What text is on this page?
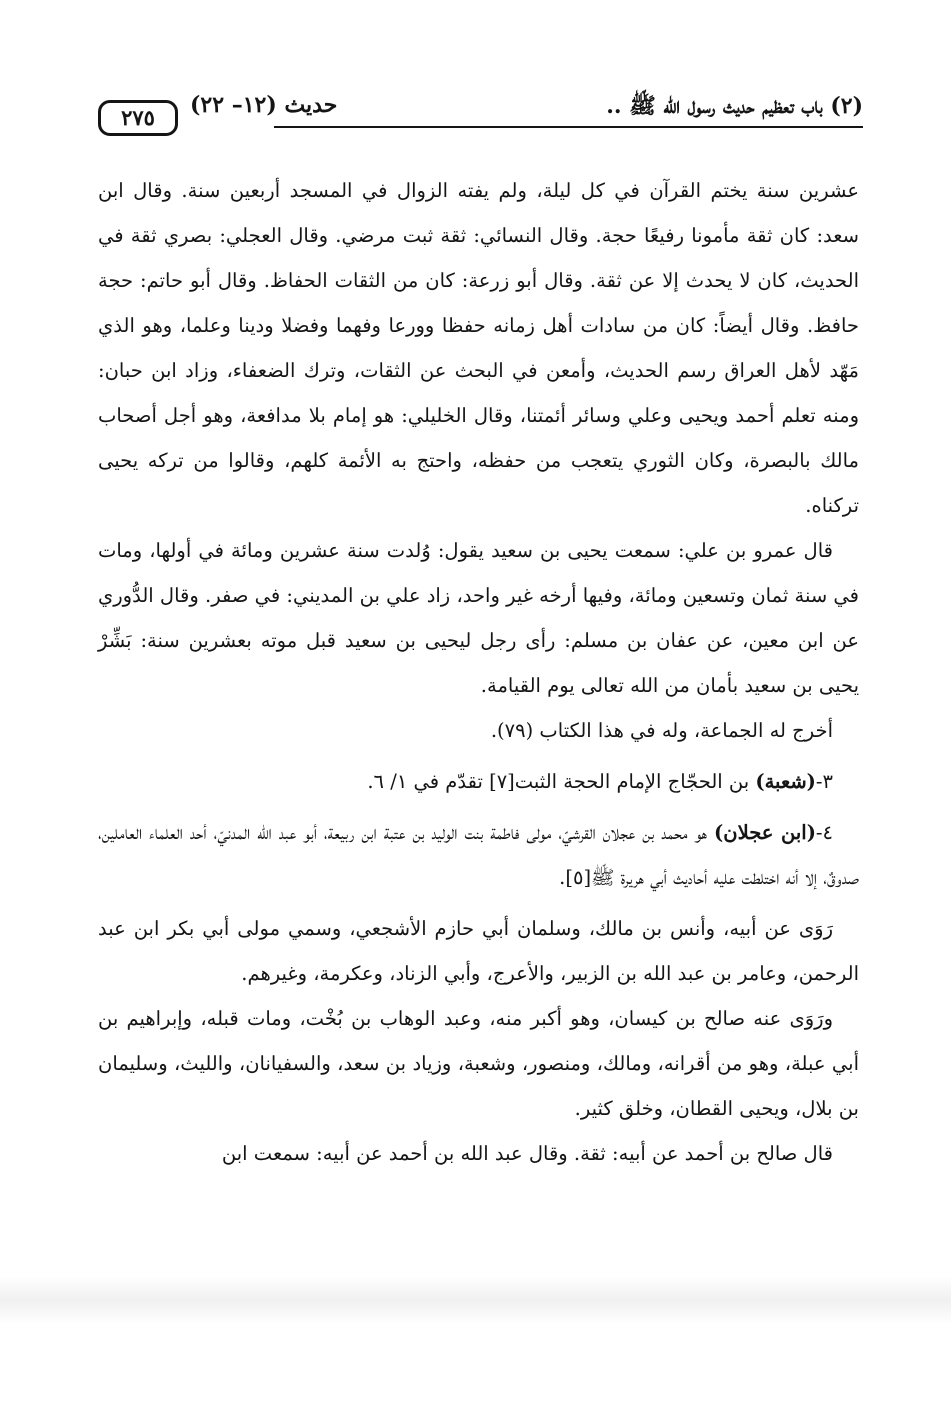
(٢) باب تعظيم حديث رسول الله ﷺ ..
حديث (١٢– ٢٢)
٢٧٥

عشرين سنة يختم القرآن في كل ليلة، ولم يفته الزوال في المسجد أربعين سنة. وقال ابن سعد: كان ثقة مأمونا رفيعًا حجة. وقال النسائي: ثقة ثبت مرضي. وقال العجلي: بصري ثقة في الحديث، كان لا يحدث إلا عن ثقة. وقال أبو زرعة: كان من الثقات الحفاظ. وقال أبو حاتم: حجة حافظ. وقال أيضاً: كان من سادات أهل زمانه حفظا وورعا وفهما وفضلا ودينا وعلما، وهو الذي مَهّد لأهل العراق رسم الحديث، وأمعن في البحث عن الثقات، وترك الضعفاء، وزاد ابن حبان: ومنه تعلم أحمد ويحيى وعلي وسائر أئمتنا، وقال الخليلي: هو إمام بلا مدافعة، وهو أجل أصحاب مالك بالبصرة، وكان الثوري يتعجب من حفظه، واحتج به الأئمة كلهم، وقالوا من تركه يحيى تركناه.

قال عمرو بن علي: سمعت يحيى بن سعيد يقول: وُلدت سنة عشرين ومائة في أولها، ومات في سنة ثمان وتسعين ومائة، وفيها أرخه غير واحد، زاد علي بن المديني: في صفر. وقال الدُّوري عن ابن معين، عن عفان بن مسلم: رأى رجل ليحيى بن سعيد قبل موته بعشرين سنة: بَشِّرْ يحيى بن سعيد بأمان من الله تعالى يوم القيامة.

أخرج له الجماعة، وله في هذا الكتاب (٧٩).

٣-(شعبة) بن الحجّاج الإمام الحجة الثبت[٧] تقدّم في ١/ ٦.

٤-(ابن عجلان) هو محمد بن عجلان القرشيّ، مولى فاطمة بنت الوليد بن عتبة ابن ربيعة، أبو عبد الله المدنيّ، أحد العلماء العاملين، صدوقٌ، إلا أنه اختلطت عليه أحاديث أبي هريرة ﷺ[٥].

رَوَى عن أبيه، وأنس بن مالك، وسلمان أبي حازم الأشجعي، وسمي مولى أبي بكر ابن عبد الرحمن، وعامر بن عبد الله بن الزبير، والأعرج، وأبي الزناد، وعكرمة، وغيرهم.

ورَوَى عنه صالح بن كيسان، وهو أكبر منه، وعبد الوهاب بن بُخْت، ومات قبله، وإبراهيم بن أبي عبلة، وهو من أقرانه، ومالك، ومنصور، وشعبة، وزياد بن سعد، والسفيانان، والليث، وسليمان بن بلال، ويحيى القطان، وخلق كثير.

قال صالح بن أحمد عن أبيه: ثقة. وقال عبد الله بن أحمد عن أبيه: سمعت ابن
